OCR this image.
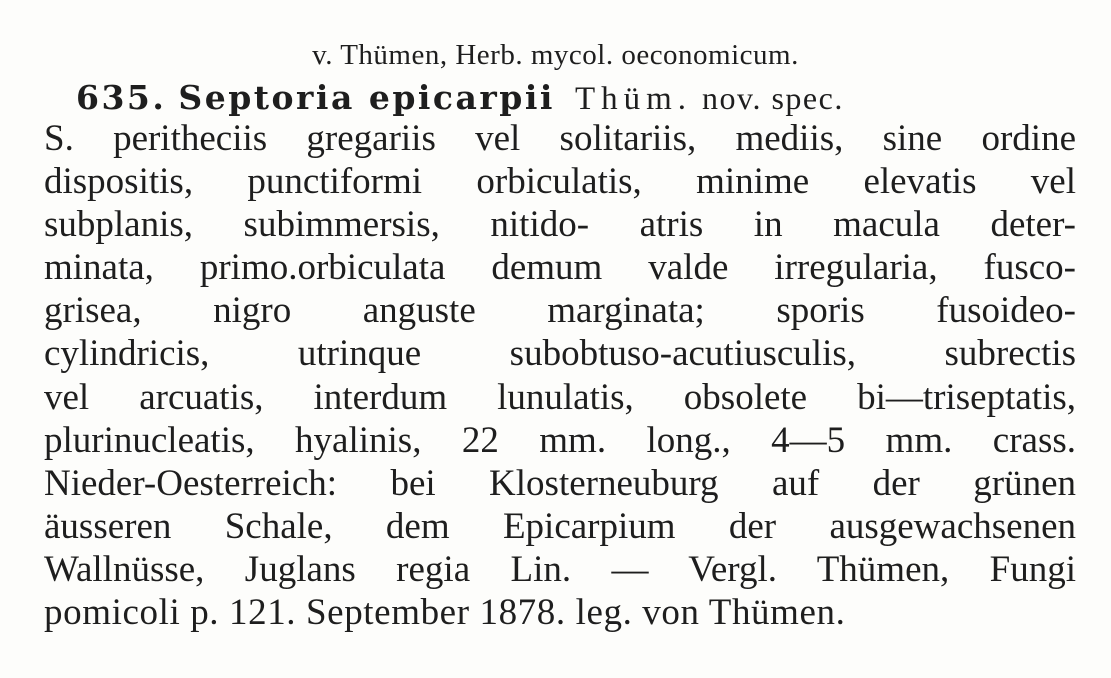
v. Thümen, Herb. mycol. oeconomicum.
635. Septoria epicarpii Thüm. nov. spec.
S. peritheciis gregariis vel solitariis, mediis, sine ordine
dispositis, punctiformi orbiculatis, minime elevatis vel
subplanis, subimmersis, nitido- atris in macula deter-
minata, primo.orbiculata demum valde irregularia, fusco-
grisea, nigro anguste marginata; sporis fusoideo-
cylindricis, utrinque subobtuso-acutiusculis, subrectis
vel arcuatis, interdum lunulatis, obsolete bi—triseptatis,
plurinucleatis, hyalinis, 22 mm. long., 4—5 mm. crass.
Nieder-Oesterreich: bei Klosterneuburg auf der grünen
äusseren Schale, dem Epicarpium der ausgewachsenen
Wallnüsse, Juglans regia Lin. — Vergl. Thümen, Fungi
pomicoli p. 121. September 1878. leg. von Thümen.
